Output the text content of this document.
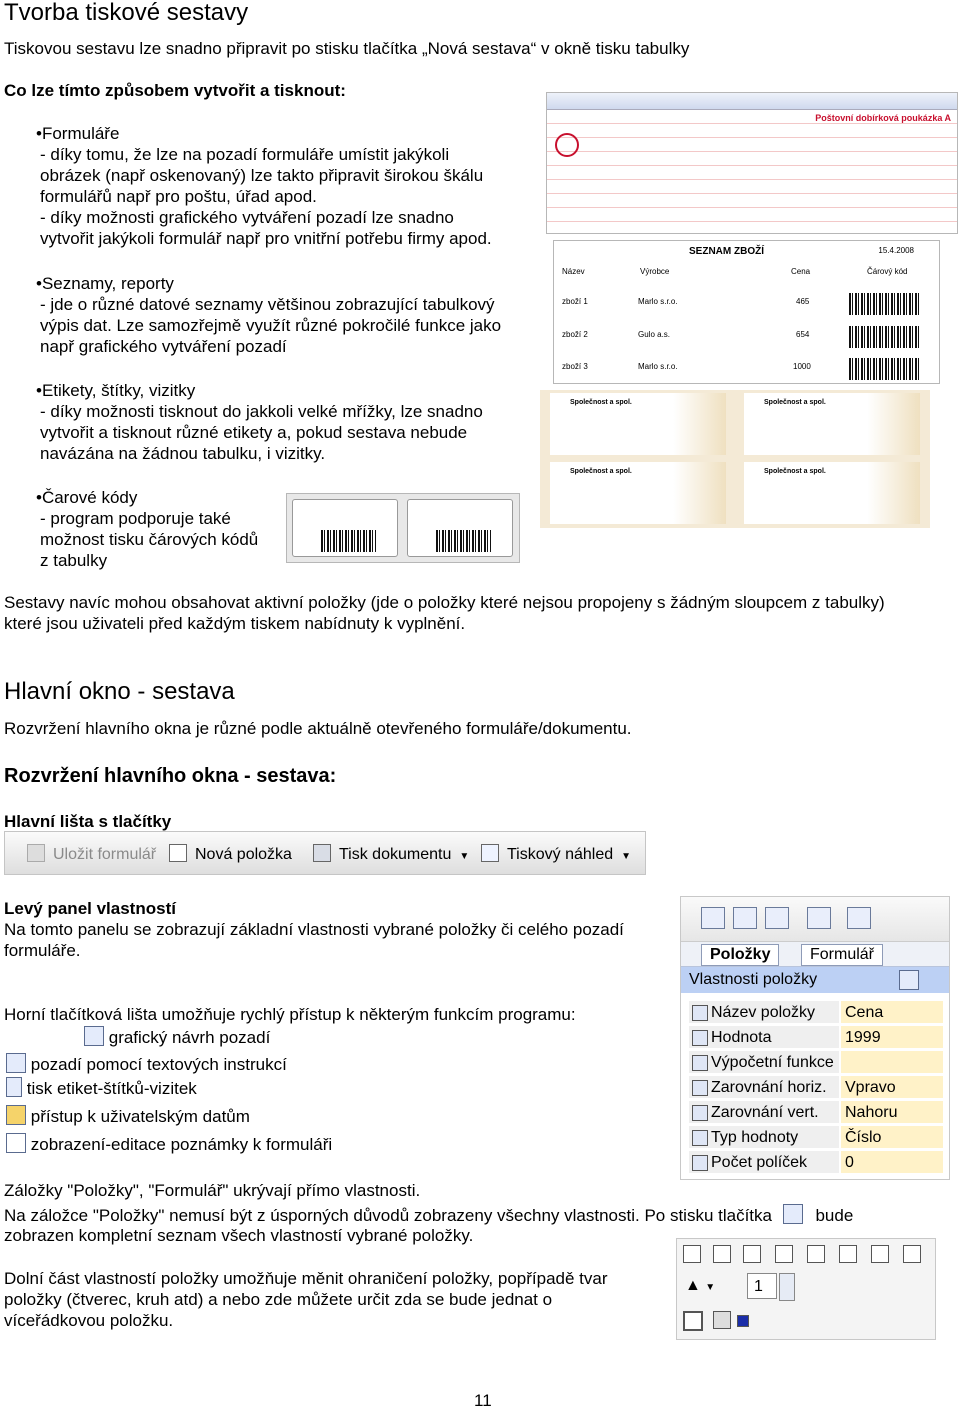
Tvorba tiskové sestavy
Tiskovou sestavu lze snadno připravit po stisku tlačítka „Nová sestava“ v okně tisku tabulky
Co lze tímto způsobem vytvořit a tisknout:
•Formuláře
- díky tomu, že lze na pozadí formuláře umístit jakýkoli
obrázek (např oskenovaný) lze takto připravit širokou škálu
formulářů např pro poštu, úřad apod.
- díky možnosti grafického vytváření pozadí lze snadno
vytvořit jakýkoli formulář např pro vnitřní potřebu firmy apod.
•Seznamy, reporty
- jde o různé datové seznamy většinou zobrazující tabulkový
výpis dat. Lze samozřejmě využít různé pokročilé funkce jako
např grafického vytváření pozadí
•Etikety, štítky, vizitky
- díky možnosti tisknout do jakkoli velké mřížky, lze snadno
vytvořit a tisknout různé etikety a, pokud sestava nebude
navázána na žádnou tabulku, i vizitky.
•Čarové kódy
- program podporuje také
možnost tisku čárových kódů
z tabulky
Poštovní dobírková poukázka A
SEZNAM ZBOŽÍ	15.4.2008
Název	Výrobce	Cena	Čárový kód
zboží 1	Marlo s.r.o.	465
zboží 2	Gulo a.s.	654
zboží 3	Marlo s.r.o.	1000
Společnost a spol.	Společnost a spol.
Společnost a spol.	Společnost a spol.
Sestavy navíc mohou obsahovat aktivní položky (jde o položky které nejsou propojeny s žádným sloupcem z tabulky)
které jsou uživateli před každým tiskem nabídnuty k vyplnění.
Hlavní okno - sestava
Rozvržení hlavního okna je různé podle aktuálně otevřeného formuláře/dokumentu.
Rozvržení hlavního okna - sestava:
Hlavní lišta s tlačítky
Uložit formulář	Nová položka	Tisk dokumentu ▼	Tiskový náhled ▼
Levý panel vlastností
Na tomto panelu se zobrazují základní vlastnosti vybrané položky či celého pozadí
formuláře.	Položky	Formulář
Vlastnosti položky
Název položky	Cena
Hodnota	1999
Výpočetní funkce
Zarovnání horiz.	Vpravo
Zarovnání vert.	Nahoru
Typ hodnoty	Číslo
Počet políček	0
Horní tlačítková lišta umožňuje rychlý přístup k některým funkcím programu:
grafický návrh pozadí
pozadí pomocí textových instrukcí
tisk etiket-štítků-vizitek
přístup k uživatelským datům
zobrazení-editace poznámky k formuláři
Záložky "Položky", "Formulář" ukrývají přímo vlastnosti.
Na záložce "Položky" nemusí být z úsporných důvodů zobrazeny všechny vlastnosti. Po stisku tlačítka	bude
zobrazen kompletní seznam všech vlastností vybrané položky.
Dolní část vlastností položky umožňuje měnit ohraničení položky, popřípadě tvar
položky (čtverec, kruh atd) a nebo zde můžete určit zda se bude jednat o
víceřádkovou položku.
▲ ▼	1
11
